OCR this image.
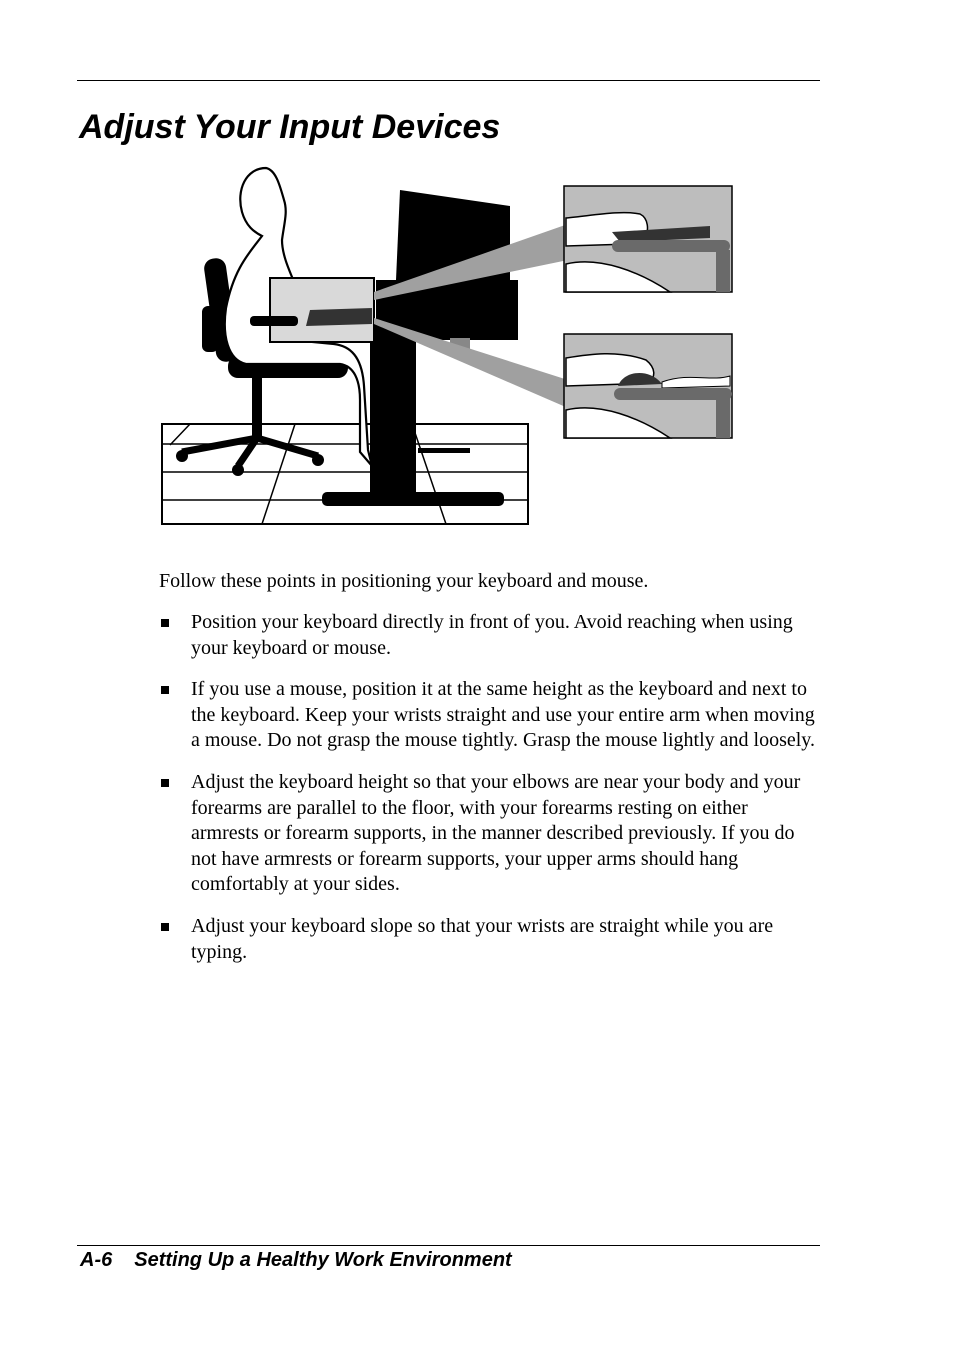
Adjust Your Input Devices

Follow these points in positioning your keyboard and mouse.

Position your keyboard directly in front of you. Avoid reaching when using your keyboard or mouse.
If you use a mouse, position it at the same height as the keyboard and next to the keyboard. Keep your wrists straight and use your entire arm when moving a mouse. Do not grasp the mouse tightly. Grasp the mouse lightly and loosely.
Adjust the keyboard height so that your elbows are near your body and your forearms are parallel to the floor, with your forearms resting on either armrests or forearm supports, in the manner described previously. If you do not have armrests or forearm supports, your upper arms should hang comfortably at your sides.
Adjust your keyboard slope so that your wrists are straight while you are typing.
A-6 Setting Up a Healthy Work Environment
